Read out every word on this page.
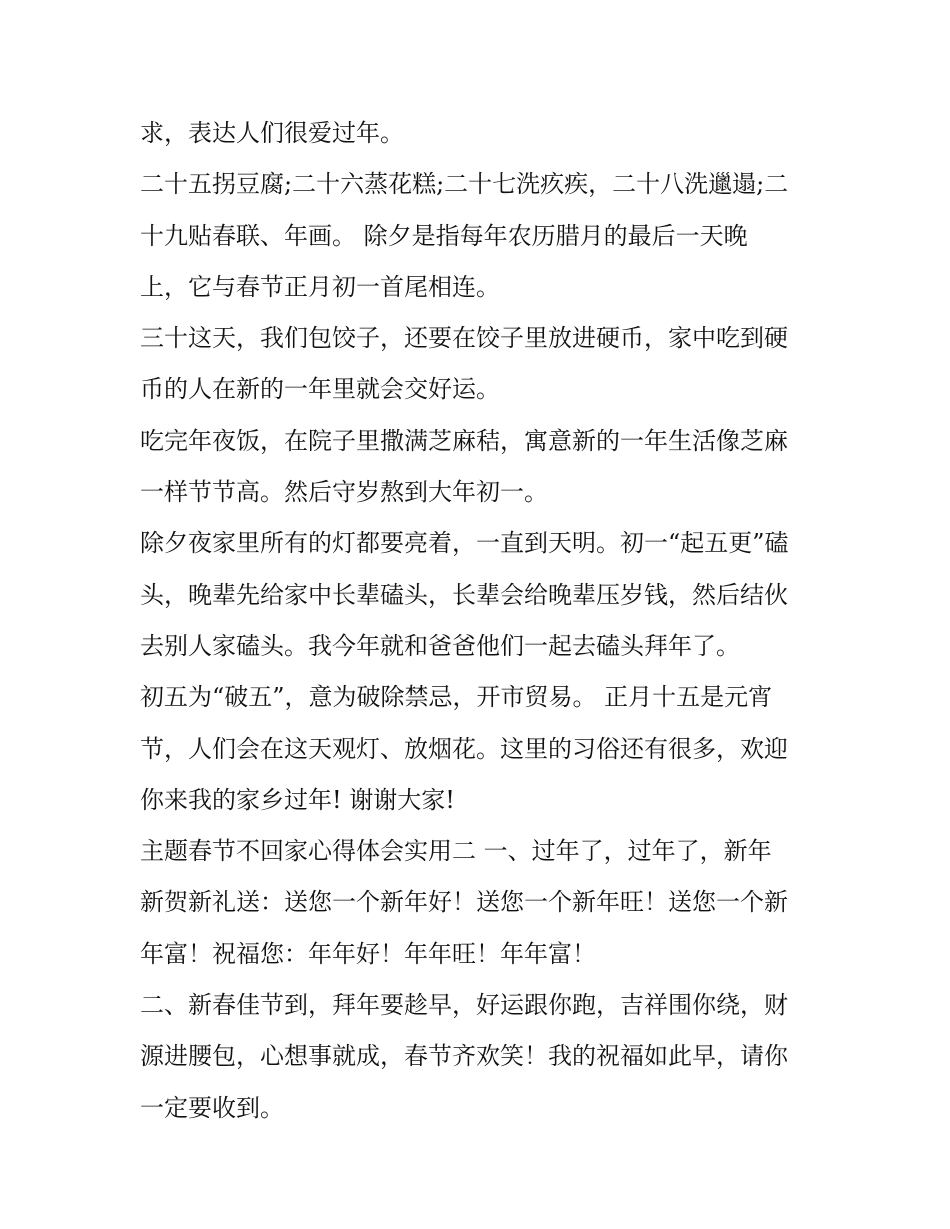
求，表达人们很爱过年。
二十五拐豆腐;二十六蒸花糕;二十七洗疚疾，二十八洗邋遢;二
十九贴春联、年画。 除夕是指每年农历腊月的最后一天晚
上，它与春节正月初一首尾相连。
三十这天，我们包饺子，还要在饺子里放进硬币，家中吃到硬
币的人在新的一年里就会交好运。
吃完年夜饭，在院子里撒满芝麻秸，寓意新的一年生活像芝麻
一样节节高。然后守岁熬到大年初一。
除夕夜家里所有的灯都要亮着，一直到天明。初一“起五更”磕
头，晚辈先给家中长辈磕头，长辈会给晚辈压岁钱，然后结伙
去别人家磕头。我今年就和爸爸他们一起去磕头拜年了。
初五为“破五”，意为破除禁忌，开市贸易。 正月十五是元宵
节，人们会在这天观灯、放烟花。这里的习俗还有很多，欢迎
你来我的家乡过年! 谢谢大家!
主题春节不回家心得体会实用二 一、过年了，过年了，新年
新贺新礼送：送您一个新年好！送您一个新年旺！送您一个新
年富！祝福您：年年好！年年旺！年年富！
二、新春佳节到，拜年要趁早，好运跟你跑，吉祥围你绕，财
源进腰包，心想事就成，春节齐欢笑！我的祝福如此早，请你
一定要收到。
